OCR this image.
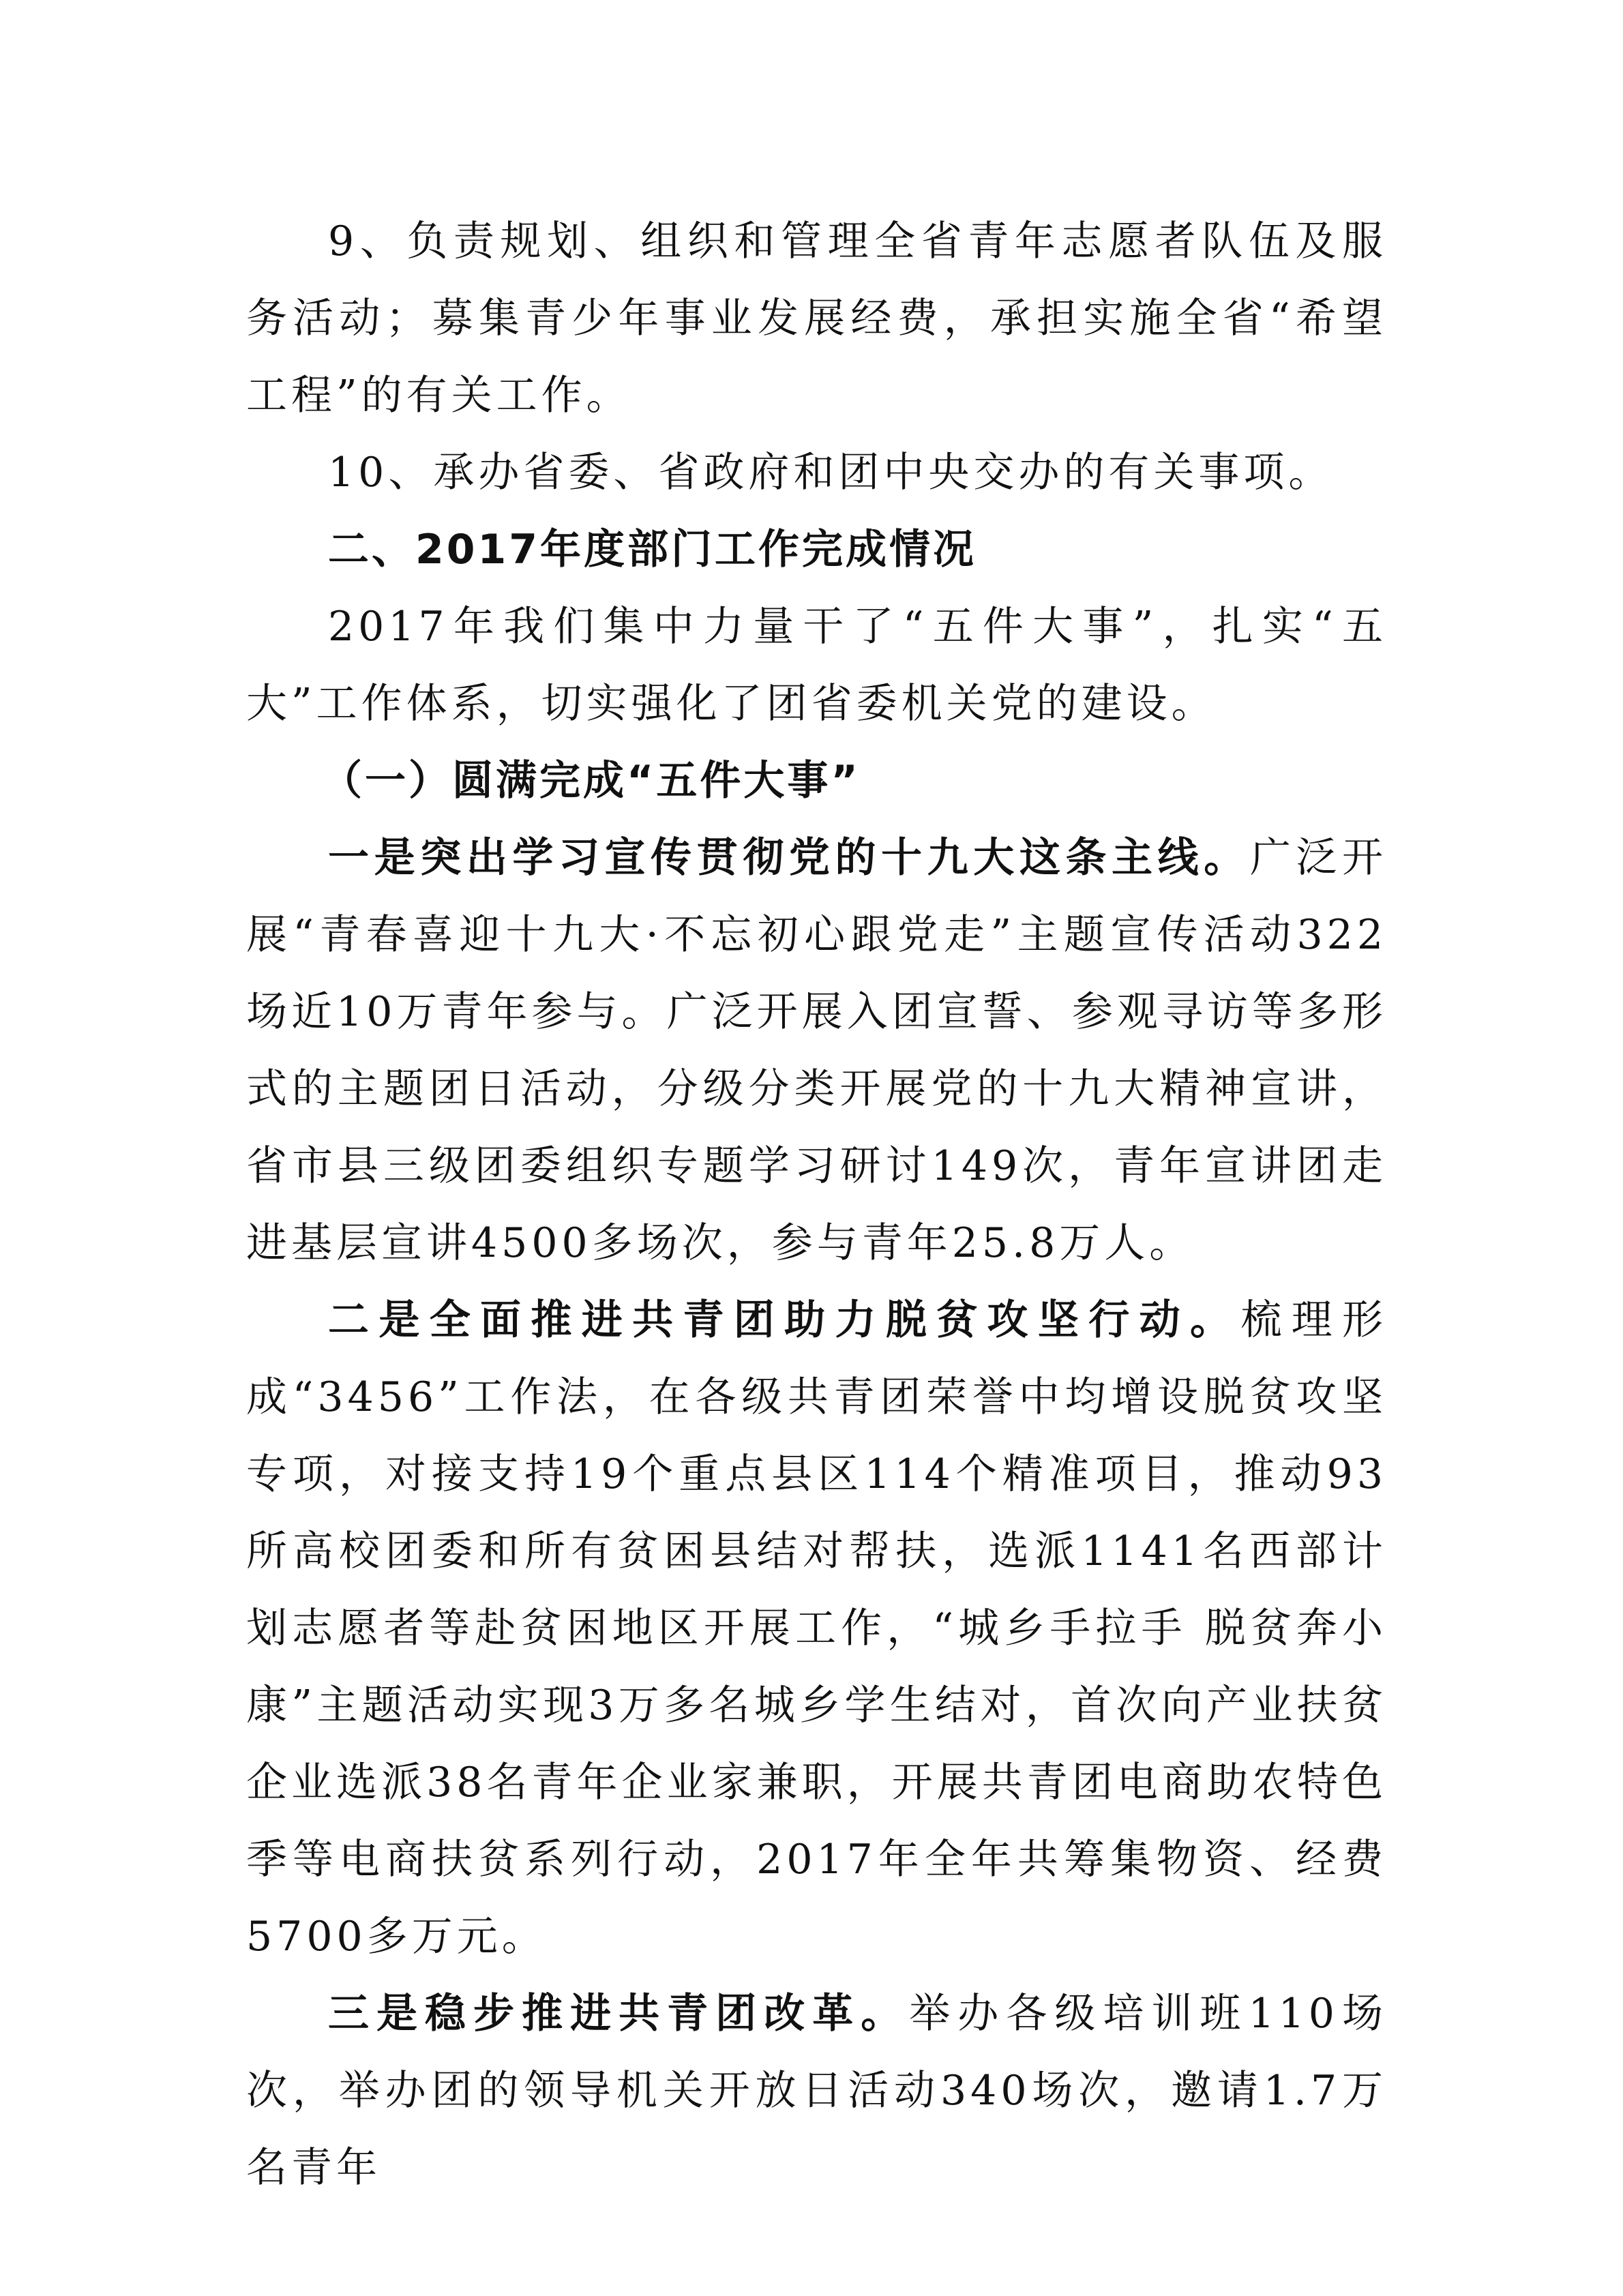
9、负责规划、组织和管理全省青年志愿者队伍及服务活动；募集青少年事业发展经费，承担实施全省“希望工程”的有关工作。

10、承办省委、省政府和团中央交办的有关事项。

二、2017年度部门工作完成情况

2017年我们集中力量干了“五件大事”，扎实“五大”工作体系，切实强化了团省委机关党的建设。

（一）圆满完成“五件大事”

一是突出学习宣传贯彻党的十九大这条主线。广泛开展“青春喜迎十九大·不忘初心跟党走”主题宣传活动322场近10万青年参与。广泛开展入团宣誓、参观寻访等多形式的主题团日活动，分级分类开展党的十九大精神宣讲，省市县三级团委组织专题学习研讨149次，青年宣讲团走进基层宣讲4500多场次，参与青年25.8万人。

二是全面推进共青团助力脱贫攻坚行动。梳理形成“3456”工作法，在各级共青团荣誉中均增设脱贫攻坚专项，对接支持19个重点县区114个精准项目，推动93所高校团委和所有贫困县结对帮扶，选派1141名西部计划志愿者等赴贫困地区开展工作，“城乡手拉手 脱贫奔小康”主题活动实现3万多名城乡学生结对，首次向产业扶贫企业选派38名青年企业家兼职，开展共青团电商助农特色季等电商扶贫系列行动，2017年全年共筹集物资、经费5700多万元。

三是稳步推进共青团改革。举办各级培训班110场次，举办团的领导机关开放日活动340场次，邀请1.7万名青年
